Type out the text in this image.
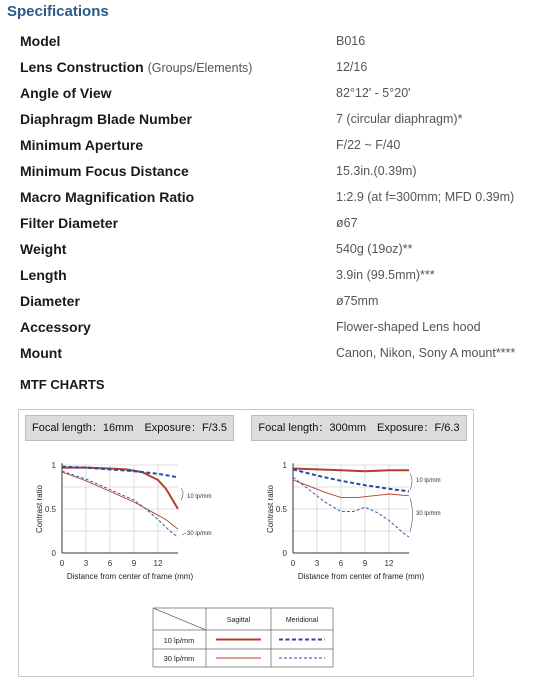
Specifications
Model	B016
Lens Construction (Groups/Elements)	12/16
Angle of View	82°12' - 5°20'
Diaphragm Blade Number	7 (circular diaphragm)*
Minimum Aperture	F/22 ~ F/40
Minimum Focus Distance	15.3in.(0.39m)
Macro Magnification Ratio	1:2.9 (at f=300mm; MFD 0.39m)
Filter Diameter	ø67
Weight	540g (19oz)**
Length	3.9in (99.5mm)***
Diameter	ø75mm
Accessory	Flower-shaped Lens hood
Mount	Canon, Nikon, Sony A mount****
MTF CHARTS
Focal length：16mm　Exposure：F/3.5	Focal length：300mm　Exposure：F/6.3
0 3 6 9 12
0
0.5
1
Distance from center of frame (mm)
Contrast ratio	10 lp/mm
30 lp/mm
0 3 6 9 12
0
0.5
1
Distance from center of frame (mm)
Contrast ratio
10 lp/mm
30 lp/mm
Sagittal	Meridional
10 lp/mm
30 lp/mm
